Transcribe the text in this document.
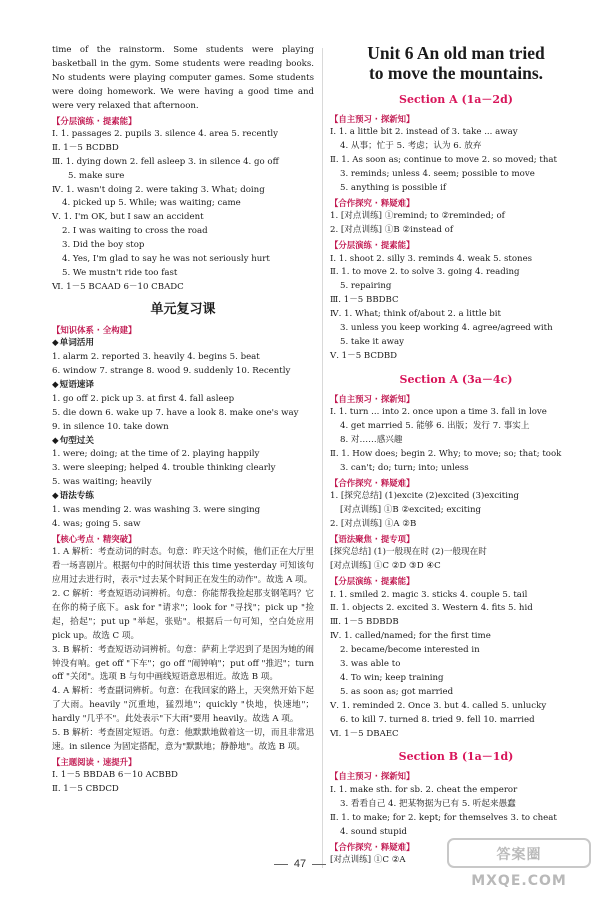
time of the rainstorm. Some students were playing basketball in the gym. Some students were reading books. No students were playing computer games. Some students were doing homework. We were having a good time and were very relaxed that afternoon.
【分层演练 · 提素能】
Ⅰ. 1. passages 2. pupils 3. silence 4. area 5. recently
Ⅱ. 1－5 BCDBD
Ⅲ. 1. dying down 2. fell asleep 3. in silence 4. go off
5. make sure
Ⅳ. 1. wasn't doing 2. were taking 3. What; doing
4. picked up 5. While; was waiting; came
Ⅴ. 1. I'm OK, but I saw an accident
2. I was waiting to cross the road
3. Did the boy stop
4. Yes, I'm glad to say he was not seriously hurt
5. We mustn't ride too fast
Ⅵ. 1－5 BCAAD 6－10 CBADC
单元复习课
【知识体系 · 全构建】
◆单词活用
1. alarm 2. reported 3. heavily 4. begins 5. beat
6. window 7. strange 8. wood 9. suddenly 10. Recently
◆短语速译
1. go off 2. pick up 3. at first 4. fall asleep
5. die down 6. wake up 7. have a look 8. make one's way
9. in silence 10. take down
◆句型过关
1. were; doing; at the time of 2. playing happily
3. were sleeping; helped 4. trouble thinking clearly
5. was waiting; heavily
◆语法专练
1. was mending 2. was washing 3. were singing
4. was; going 5. saw
【核心考点 · 精突破】
1. A 解析：考查动词的时态。句意：昨天这个时候，他们正在大厅里看一场喜剧片。根据句中的时间状语 this time yesterday 可知该句应用过去进行时，表示"过去某个时间正在发生的动作"。故选 A 项。
2. C 解析：考查短语动词辨析。句意：你能帮我捡起那支钢笔吗？它在你的椅子底下。ask for "请求"；look for "寻找"；pick up "捡起，拾起"；put up "举起，张贴"。根据后一句可知，空白处应用 pick up。故选 C 项。
3. B 解析：考查短语动词辨析。句意：萨莉上学迟到了是因为她的闹钟没有响。get off "下车"；go off "闹钟响"；put off "推迟"；turn off "关闭"。选项 B 与句中画线短语意思相近。故选 B 项。
4. A 解析：考查副词辨析。句意：在我回家的路上，天突然开始下起了大雨。heavily "沉重地，猛烈地"；quickly "快地，快速地"；hardly "几乎不"。此处表示"下大雨"要用 heavily。故选 A 项。
5. B 解析：考查固定短语。句意：他默默地做着这一切，而且非常迅速。in silence 为固定搭配，意为"默默地；静静地"。故选 B 项。
【主题阅读 · 速提升】
Ⅰ. 1－5 BBDAB 6－10 ACBBD
Ⅱ. 1－5 CBDCD
Unit 6 An old man tried
to move the mountains.
Section A (1a－2d)
【自主预习 · 探新知】
Ⅰ. 1. a little bit 2. instead of 3. take ... away
4. 从事；忙于 5. 考虑；认为 6. 放弃
Ⅱ. 1. As soon as; continue to move 2. so moved; that
3. reminds; unless 4. seem; possible to move
5. anything is possible if
【合作探究 · 释疑难】
1. [对点训练] ①remind; to ②reminded; of
2. [对点训练] ①B ②instead of
【分层演练 · 提素能】
Ⅰ. 1. shoot 2. silly 3. reminds 4. weak 5. stones
Ⅱ. 1. to move 2. to solve 3. going 4. reading
5. repairing
Ⅲ. 1－5 BBDBC
Ⅳ. 1. What; think of/about 2. a little bit
3. unless you keep working 4. agree/agreed with
5. take it away
Ⅴ. 1－5 BCDBD
Section A (3a－4c)
【自主预习 · 探新知】
Ⅰ. 1. turn ... into 2. once upon a time 3. fall in love
4. get married 5. 能够 6. 出版；发行 7. 事实上
8. 对……感兴趣
Ⅱ. 1. How does; begin 2. Why; to move; so; that; took
3. can't; do; turn; into; unless
【合作探究 · 释疑难】
1. [探究总结] (1)excite (2)excited (3)exciting
[对点训练] ①B ②excited; exciting
2. [对点训练] ①A ②B
【语法聚焦 · 提专项】
[探究总结] (1)一般现在时 (2)一般现在时
[对点训练] ①C ②D ③D ④C
【分层演练 · 提素能】
Ⅰ. 1. smiled 2. magic 3. sticks 4. couple 5. tail
Ⅱ. 1. objects 2. excited 3. Western 4. fits 5. hid
Ⅲ. 1－5 BDBDB
Ⅳ. 1. called/named; for the first time
2. became/become interested in
3. was able to
4. To win; keep training
5. as soon as; got married
Ⅴ. 1. reminded 2. Once 3. but 4. called 5. unlucky
6. to kill 7. turned 8. tried 9. fell 10. married
Ⅵ. 1－5 DBAEC
Section B (1a－1d)
【自主预习 · 探新知】
Ⅰ. 1. make sth. for sb. 2. cheat the emperor
3. 看看自己 4. 把某物据为已有 5. 听起来愚蠢
Ⅱ. 1. to make; for 2. kept; for themselves 3. to cheat
4. sound stupid
【合作探究 · 释疑难】
[对点训练] ①C ②A
47
答案圈
MXQE.COM
